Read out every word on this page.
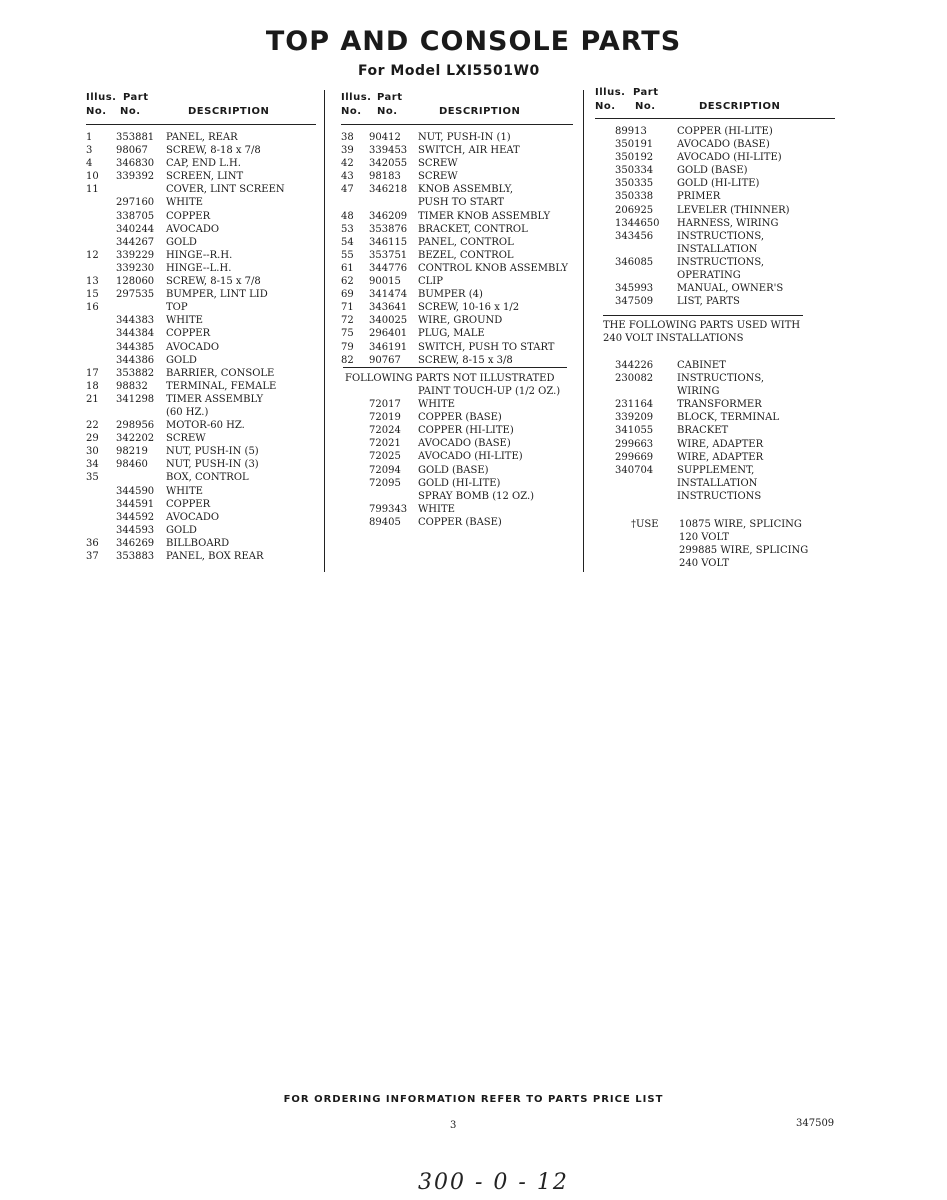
TOP AND CONSOLE PARTS
For Model LXI5501W0
Illus. Part
No. No.	DESCRIPTION
1 353881 PANEL, REAR
3 98067 SCREW, 8-18 x 7/8
4 346830 CAP, END L.H.
10 339392 SCREEN, LINT
11	COVER, LINT SCREEN
297160 WHITE
338705 COPPER
340244 AVOCADO
344267 GOLD
12 339229 HINGE--R.H.
339230 HINGE--L.H.
13 128060 SCREW, 8-15 x 7/8
15 297535 BUMPER, LINT LID
16	TOP
344383 WHITE
344384 COPPER
344385 AVOCADO
344386 GOLD
17 353882 BARRIER, CONSOLE
18 98832 TERMINAL, FEMALE
21 341298 TIMER ASSEMBLY
(60 HZ.)
22 298956 MOTOR-60 HZ.
29 342202 SCREW
30 98219 NUT, PUSH-IN (5)
34 98460 NUT, PUSH-IN (3)
35	BOX, CONTROL
344590 WHITE
344591 COPPER
344592 AVOCADO
344593 GOLD
36 346269 BILLBOARD
37 353883 PANEL, BOX REAR
Illus. Part
No. No.	DESCRIPTION
38 90412 NUT, PUSH-IN (1)
39 339453 SWITCH, AIR HEAT
42 342055 SCREW
43 98183 SCREW
47 346218 KNOB ASSEMBLY,
PUSH TO START
48 346209 TIMER KNOB ASSEMBLY
53 353876 BRACKET, CONTROL
54 346115 PANEL, CONTROL
55 353751 BEZEL, CONTROL
61 344776 CONTROL KNOB ASSEMBLY
62 90015 CLIP
69 341474 BUMPER (4)
71 343641 SCREW, 10-16 x 1/2
72 340025 WIRE, GROUND
75 296401 PLUG, MALE
79 346191 SWITCH, PUSH TO START
82 90767 SCREW, 8-15 x 3/8
FOLLOWING PARTS NOT ILLUSTRATED
PAINT TOUCH-UP (1/2 OZ.)
72017 WHITE
72019 COPPER (BASE)
72024 COPPER (HI-LITE)
72021 AVOCADO (BASE)
72025 AVOCADO (HI-LITE)
72094 GOLD (BASE)
72095 GOLD (HI-LITE)
SPRAY BOMB (12 OZ.)
799343 WHITE
89405 COPPER (BASE)
Illus. Part
No. No.	DESCRIPTION
89913	COPPER (HI-LITE)
350191 AVOCADO (BASE)
350192 AVOCADO (HI-LITE)
350334 GOLD (BASE)
350335 GOLD (HI-LITE)
350338 PRIMER
206925 LEVELER (THINNER)
1344650 HARNESS, WIRING
343456 INSTRUCTIONS,
INSTALLATION
346085 INSTRUCTIONS,
OPERATING
345993 MANUAL, OWNER'S
347509 LIST, PARTS
THE FOLLOWING PARTS USED WITH
240 VOLT INSTALLATIONS
344226 CABINET
230082 INSTRUCTIONS,
WIRING
231164 TRANSFORMER
339209 BLOCK, TERMINAL
341055 BRACKET
299663 WIRE, ADAPTER
299669 WIRE, ADAPTER
340704 SUPPLEMENT,
INSTALLATION
INSTRUCTIONS
†USE 10875 WIRE, SPLICING
120 VOLT
299885 WIRE, SPLICING
240 VOLT
FOR ORDERING INFORMATION REFER TO PARTS PRICE LIST
3	347509
300 - 0 - 12
